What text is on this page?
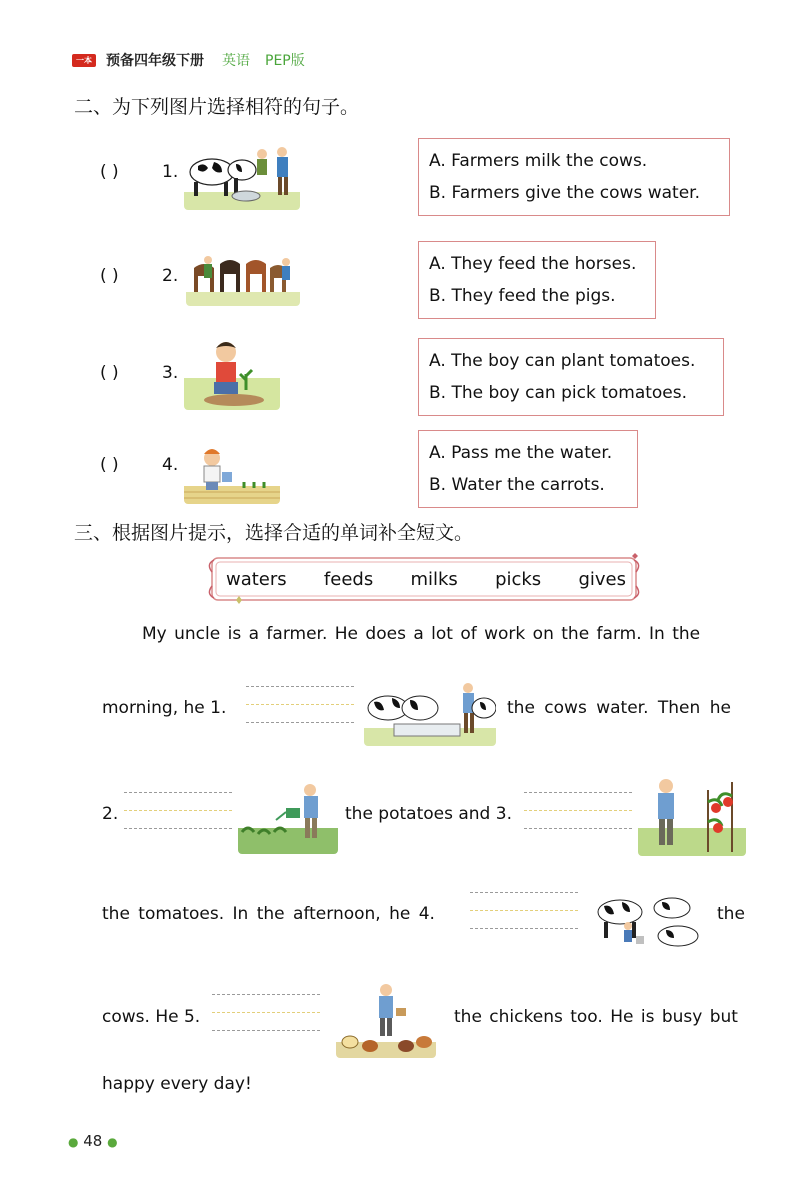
一本 预备四年级下册 英语 PEP版
二、为下列图片选择相符的句子。
( )	1.
A. Farmers milk the cows.
B. Farmers give the cows water.
( )	2.
A. They feed the horses.
B. They feed the pigs.
( )	3.
A. The boy can plant tomatoes.
B. The boy can pick tomatoes.
( )	4.
A. Pass me the water.
B. Water the carrots.
三、根据图片提示，选择合适的单词补全短文。
waters feeds milks picks gives
My uncle is a farmer. He does a lot of work on the farm. In the
morning, he 1.	the cows water. Then he
2.	the potatoes and 3.
the tomatoes. In the afternoon, he 4.	the
cows. He 5.	the chickens too. He is busy but
happy every day!
● 48 ●
